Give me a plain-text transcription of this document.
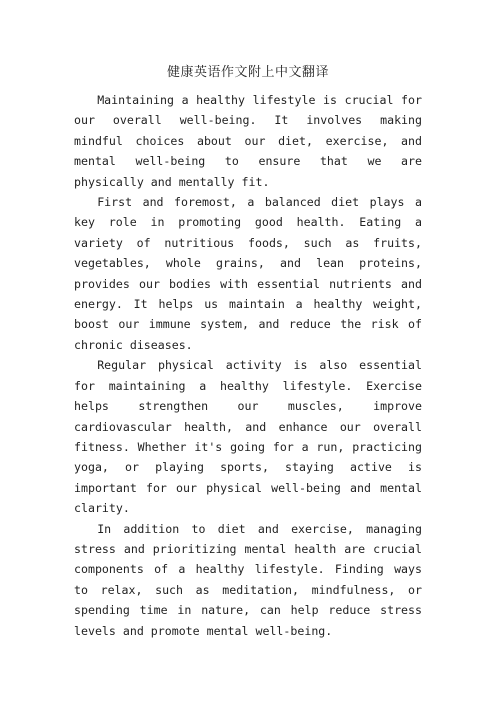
健康英语作文附上中文翻译

Maintaining a healthy lifestyle is crucial for our overall well-being. It involves making mindful choices about our diet, exercise, and mental well-being to ensure that we are physically and mentally fit.

First and foremost, a balanced diet plays a key role in promoting good health. Eating a variety of nutritious foods, such as fruits, vegetables, whole grains, and lean proteins, provides our bodies with essential nutrients and energy. It helps us maintain a healthy weight, boost our immune system, and reduce the risk of chronic diseases.

Regular physical activity is also essential for maintaining a healthy lifestyle. Exercise helps strengthen our muscles, improve cardiovascular health, and enhance our overall fitness. Whether it's going for a run, practicing yoga, or playing sports, staying active is important for our physical well-being and mental clarity.

In addition to diet and exercise, managing stress and prioritizing mental health are crucial components of a healthy lifestyle. Finding ways to relax, such as meditation, mindfulness, or spending time in nature, can help reduce stress levels and promote mental well-being.
